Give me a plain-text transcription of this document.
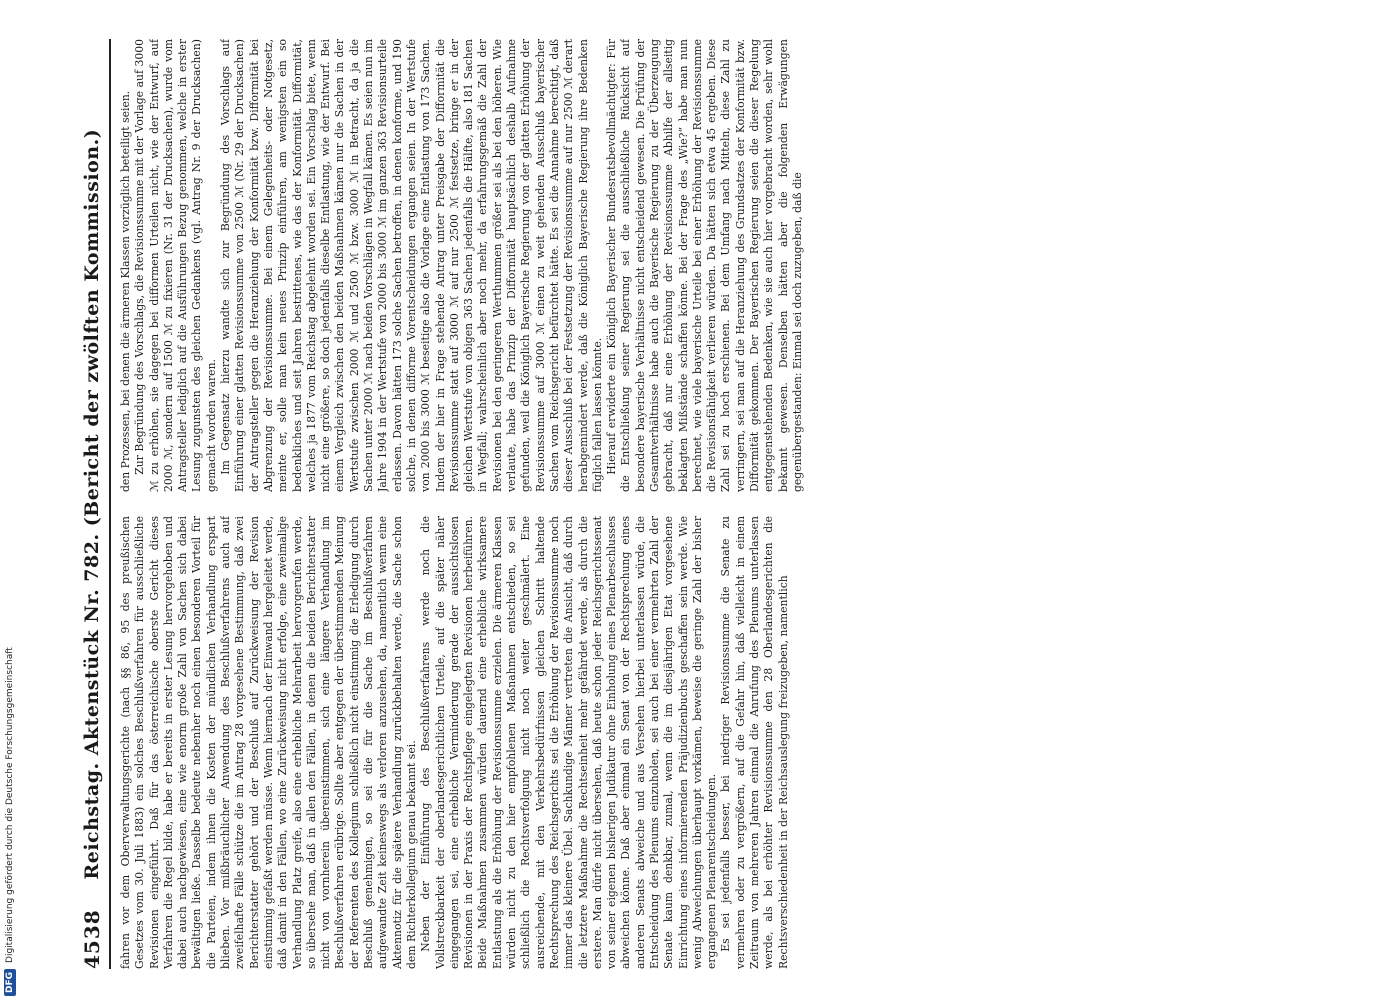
4538
Reichstag. Aktenstück Nr. 782. (Bericht der zwölften Kommission.) fahren vor dem Oberverwaltungsgerichte (nach §§ 86, 95 des preußischen Gesetzes vom 30. Juli 1883) ein solches Beschlußverfahren für ausschließliche Revisionen eingeführt. Daß für das österreichische oberste Gericht dieses Verfahren die Regel bilde, habe er bereits in erster Lesung hervorgehoben und dabei auch nachgewiesen, eine wie enorm große Zahl von Sachen sich dabei bewältigen ließe. Dasselbe bedeute nebenher noch einen besonderen Vorteil für die Parteien, indem ihnen die Kosten der mündlichen Verhandlung erspart blieben. Vor mißbräuchlicher Anwendung des Beschlußverfahrens auch auf zweifelhafte Fälle schütze die im Antrag 28 vorgesehene Bestimmung, daß zwei Berichterstatter gehört und der Beschluß auf Zurückweisung der Revision einstimmig gefaßt werden müsse. Wenn hiernach der Einwand hergeleitet werde, daß damit in den Fällen, wo eine Zurückweisung nicht erfolge, eine zweimalige Verhandlung Platz greife, also eine erhebliche Mehrarbeit hervorgerufen werde, so übersehe man, daß in allen den Fällen, in denen die beiden Berichterstatter nicht von vornherein übereinstimmen, sich eine längere Verhandlung im Beschlußverfahren erübrige. Sollte aber entgegen der überstimmenden Meinung der Referenten des Kollegium schließlich nicht einstimmig die Erledigung durch Beschluß genehmigen, so sei die für die Sache im Beschlußverfahren aufgewandte Zeit keineswegs als verloren anzusehen, da, namentlich wenn eine Aktennotiz für die spätere Verhandlung zurückbehalten werde, die Sache schon dem Richterkollegium genau bekannt sei. Neben der Einführung des Beschlußverfahrens werde noch die Vollstreckbarkeit der oberlandesgerichtlichen Urteile, auf die später näher eingegangen sei, eine erhebliche Verminderung gerade der aussichtslosen Revisionen in der Praxis der Rechtspflege eingelegten Revisionen herbeiführen. Beide Maßnahmen zusammen würden dauernd eine erhebliche wirksamere Entlastung als die Erhöhung der Revisionssumme erzielen. Die ärmeren Klassen würden nicht zu den hier empfohlenen Maßnahmen entschieden, so sei schließlich die Rechtsverfolgung nicht noch weiter geschmälert. Eine ausreichende, mit den Verkehrsbedürfnissen gleichen Schritt haltende Rechtsprechung des Reichsgerichts sei die Erhöhung der Revisionssumme noch immer das kleinere Übel. Sachkundige Männer vertreten die Ansicht, daß durch die letztere Maßnahme die Rechtseinheit mehr gefährdet werde, als durch die erstere. Man dürfe nicht übersehen, daß heute schon jeder Reichsgerichtssenat von seiner eigenen bisherigen Judikatur ohne Einholung eines Plenarbeschlusses abweichen könne. Daß aber einmal ein Senat von der Rechtsprechung eines anderen Senats abweiche und aus Versehen hierbei unterlassen würde, die Entscheidung des Plenums einzuholen, sei auch bei einer vermehrten Zahl der Senate kaum denkbar, zumal, wenn die im diesjährigen Etat vorgesehene Einrichtung eines informierenden Präjudizienbuchs geschaffen sein werde. Wie wenig Abweichungen überhaupt vorkämen, beweise die geringe Zahl der bisher ergangenen Plenarentscheidungen. Es sei jedenfalls besser, bei niedriger Revisionssumme die Senate zu vermehren oder zu vergrößern, auf die Gefahr hin, daß vielleicht in einem Zeitraum von mehreren Jahren einmal die Anrufung des Plenums unterlassen werde, als bei erhöhter Revisionssumme den 28 Oberlandesgerichten die Rechtsverschiedenheit in der Reichsauslegung freizugeben, namentlich

den Prozessen, bei denen die ärmeren Klassen vorzüglich beteiligt seien. Zur Begründung des Vorschlags, die Revisionssumme mit der Vorlage auf 3000 ℳ zu erhöhen, sie dagegen bei difformen Urteilen nicht, wie der Entwurf, auf 2000 ℳ, sondern auf 1500 ℳ zu fixieren (Nr. 31 der Drucksachen), wurde vom Antragsteller lediglich auf die Ausführungen Bezug genommen, welche in erster Lesung zugunsten des gleichen Gedankens (vgl. Antrag Nr. 9 der Drucksachen) gemacht worden waren. Im Gegensatz hierzu wandte sich zur Begründung des Vorschlags auf Einführung einer glatten Revisionssumme von 2500 ℳ (Nr. 29 der Drucksachen) der Antragsteller gegen die Heranziehung der Konformität bzw. Difformität bei Abgrenzung der Revisionssumme. Bei einem Gelegenheits- oder Notgesetz, meinte er, solle man kein neues Prinzip einführen, am wenigsten ein so bedenkliches und seit Jahren bestrittenes, wie das der Konformität. Difformität, welches ja 1877 vom Reichstag abgelehnt worden sei. Ein Vorschlag biete, wenn nicht eine größere, so doch jedenfalls dieselbe Entlastung, wie der Entwurf. Bei einem Vergleich zwischen den beiden Maßnahmen kämen nur die Sachen in der Wertstufe zwischen 2000 ℳ und 2500 ℳ bzw. 3000 ℳ in Betracht, da ja die Sachen unter 2000 ℳ nach beiden Vorschlägen in Wegfall kämen. Es seien nun im Jahre 1904 in der Wertstufe von 2000 bis 3000 ℳ im ganzen 363 Revisionsurteile erlassen. Davon hätten 173 solche Sachen betroffen, in denen konforme, und 190 solche, in denen difforme Vorentscheidungen ergangen seien. In der Wertstufe von 2000 bis 3000 ℳ beseitige also die Vorlage eine Entlastung von 173 Sachen. Indem der hier in Frage stehende Antrag unter Preisgabe der Difformität die Revisionssumme statt auf 3000 ℳ auf nur 2500 ℳ festsetze, bringe er in der gleichen Wertstufe von obigen 363 Sachen jedenfalls die Hälfte, also 181 Sachen in Wegfall; wahrscheinlich aber noch mehr, da erfahrungsgemäß die Zahl der Revisionen bei den geringeren Werthummen größer sei als bei den höheren. Wie verlaute, habe das Prinzip der Difformität hauptsächlich deshalb Aufnahme gefunden, weil die Königlich Bayerische Regierung von der glatten Erhöhung der Revisionssumme auf 3000 ℳ einen zu weit gehenden Ausschluß bayerischer Sachen vom Reichsgericht befürchtet hätte. Es sei die Annahme berechtigt, daß dieser Ausschluß bei der Festsetzung der Revisionssumme auf nur 2500 ℳ derart herabgemindert werde, daß die Königlich Bayerische Regierung ihre Bedenken füglich fallen lassen könnte. Hierauf erwiderte ein Königlich Bayerischer Bundesratsbevollmächtigter: Für die Entschließung seiner Regierung sei die ausschließliche Rücksicht auf besondere bayerische Verhältnisse nicht entscheidend gewesen. Die Prüfung der Gesamtverhältnisse habe auch die Bayerische Regierung zu der Überzeugung gebracht, daß nur eine Erhöhung der Revisionssumme Abhilfe der allseitig beklagten Mißstände schaffen könne. Bei der Frage des „Wie?“ habe man nun berechnet, wie viele bayerische Urteile bei einer Erhöhung der Revisionssumme die Revisionsfähigkeit verlieren würden. Da hätten sich etwa 45 ergeben. Diese Zahl sei zu hoch erschienen. Bei dem Umfang nach Mitteln, diese Zahl zu verringern, sei man auf die Heranziehung des Grundsatzes der Konformität bzw. Difformität gekommen. Der Bayerischen Regierung seien die dieser Regelung entgegenstehenden Bedenken, wie sie auch hier vorgebracht worden, sehr wohl bekannt gewesen. Denselben hätten aber die folgenden Erwägungen gegenübergestanden: Einmal sei doch zuzugeben, daß die

DFG
Digitalisierung gefördert durch die Deutsche Forschungsgemeinschaft
